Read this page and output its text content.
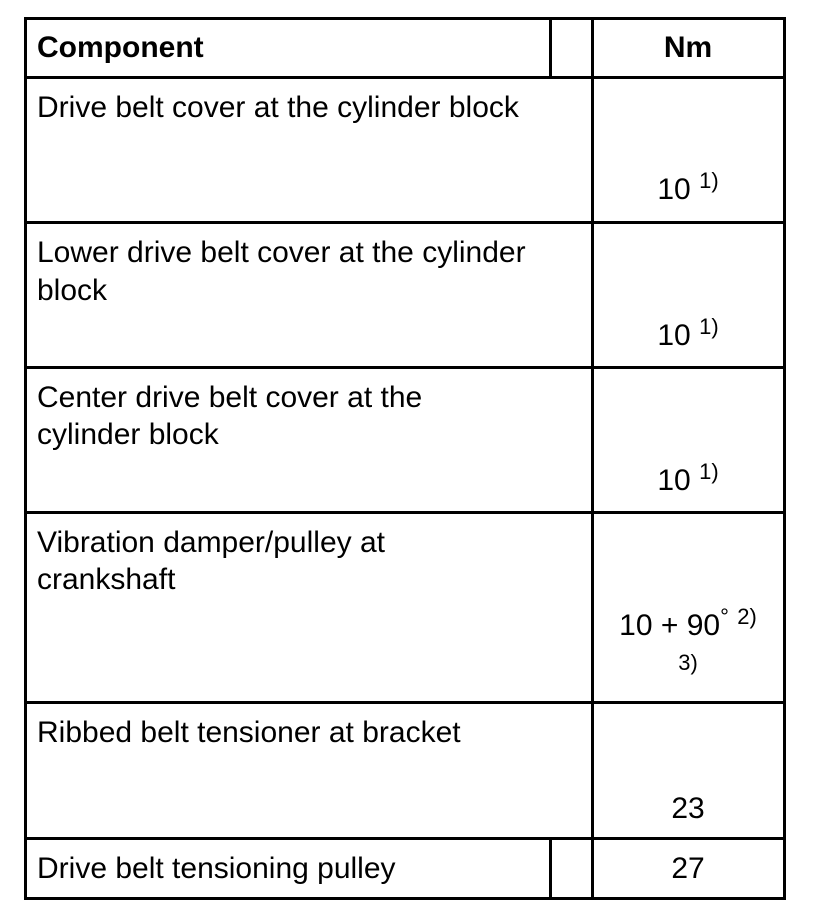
Component	Nm
Drive belt cover at the cylinder block
10 $^{1)}$
Lower drive belt cover at the cylinder
block
10 $^{1)}$
Center drive belt cover at the
cylinder block
10 $^{1)}$
Vibration damper/pulley at
crankshaft
10 + 90° $^{2)}$
3)
Ribbed belt tensioner at bracket
23
Drive belt tensioning pulley	27
